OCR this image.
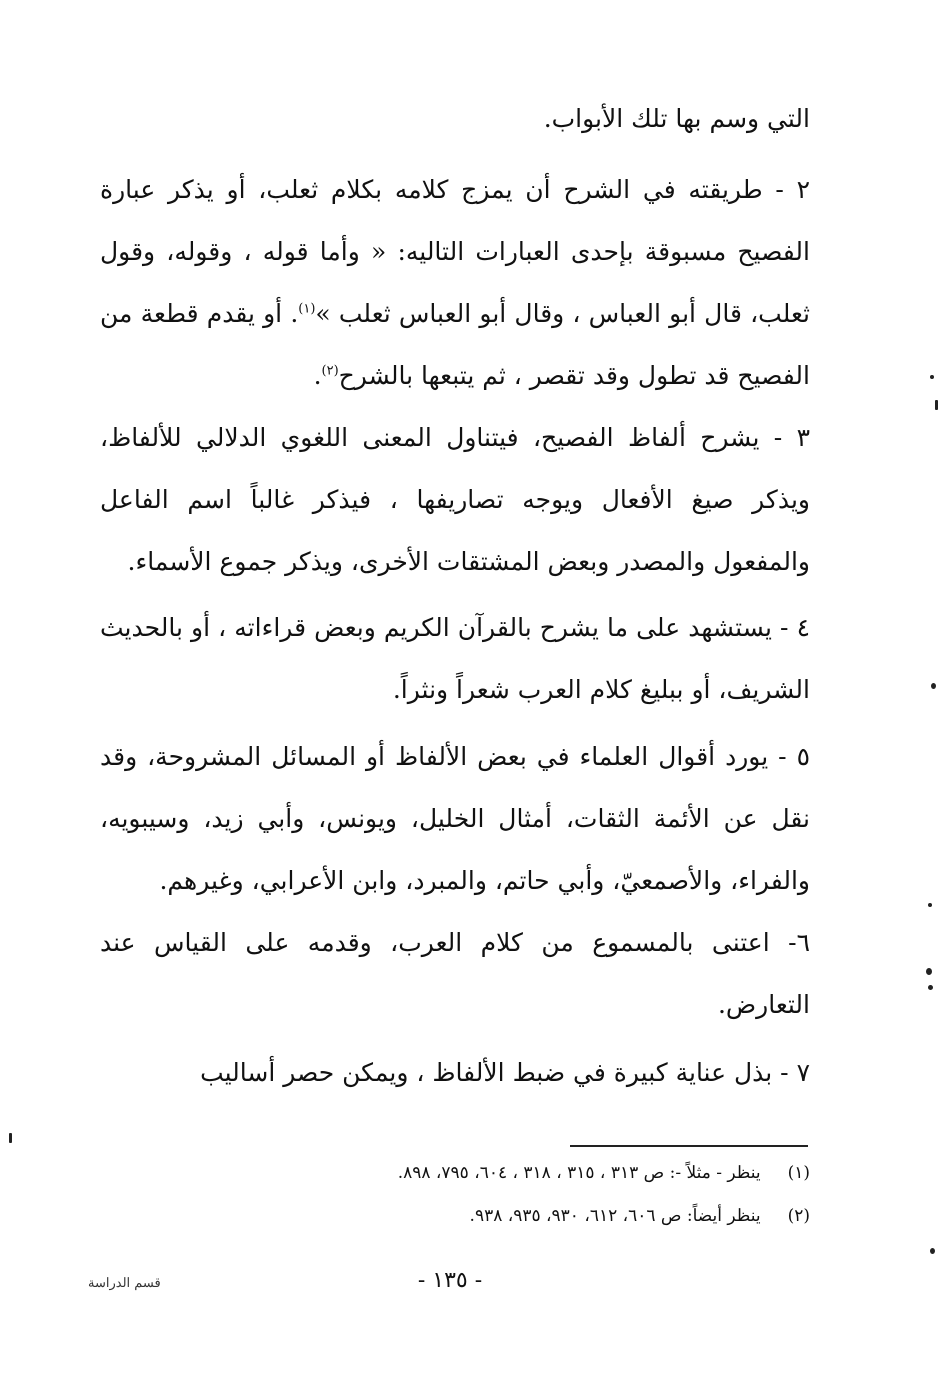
التي وسم بها تلك الأبواب.

٢ - طريقته في الشرح أن يمزج كلامه بكلام ثعلب، أو يذكر عبارة الفصيح مسبوقة بإحدى العبارات التاليه: « وأما قوله ، وقوله، وقول ثعلب، قال أبو العباس ، وقال أبو العباس ثعلب »$^{(١)}$. أو يقدم قطعة من الفصيح قد تطول وقد تقصر ، ثم يتبعها بالشرح$^{(٢)}$.

٣ - يشرح ألفاظ الفصيح، فيتناول المعنى اللغوي الدلالي للألفاظ، ويذكر صيغ الأفعال ويوجه تصاريفها ، فيذكر غالباً اسم الفاعل والمفعول والمصدر وبعض المشتقات الأخرى، ويذكر جموع الأسماء.

٤ - يستشهد على ما يشرح بالقرآن الكريم وبعض قراءاته ، أو بالحديث الشريف، أو ببليغ كلام العرب شعراً ونثراً.

٥ - يورد أقوال العلماء في بعض الألفاظ أو المسائل المشروحة، وقد نقل عن الأئمة الثقات، أمثال الخليل، ويونس، وأبي زيد، وسيبويه، والفراء، والأصمعيّ، وأبي حاتم، والمبرد، وابن الأعرابي، وغيرهم.

٦- اعتنى بالمسموع من كلام العرب، وقدمه على القياس عند التعارض.

٧ - بذل عناية كبيرة في ضبط الألفاظ ، ويمكن حصر أساليب

(١) ينظر - مثلاً -: ص ٣١٣ ، ٣١٥ ، ٣١٨ ، ٦٠٤، ٧٩٥، ٨٩٨.
(٢) ينظر أيضاً: ص ٦٠٦، ٦١٢، ٩٣٠، ٩٣٥، ٩٣٨.
- ١٣٥ -
قسم الدراسة
